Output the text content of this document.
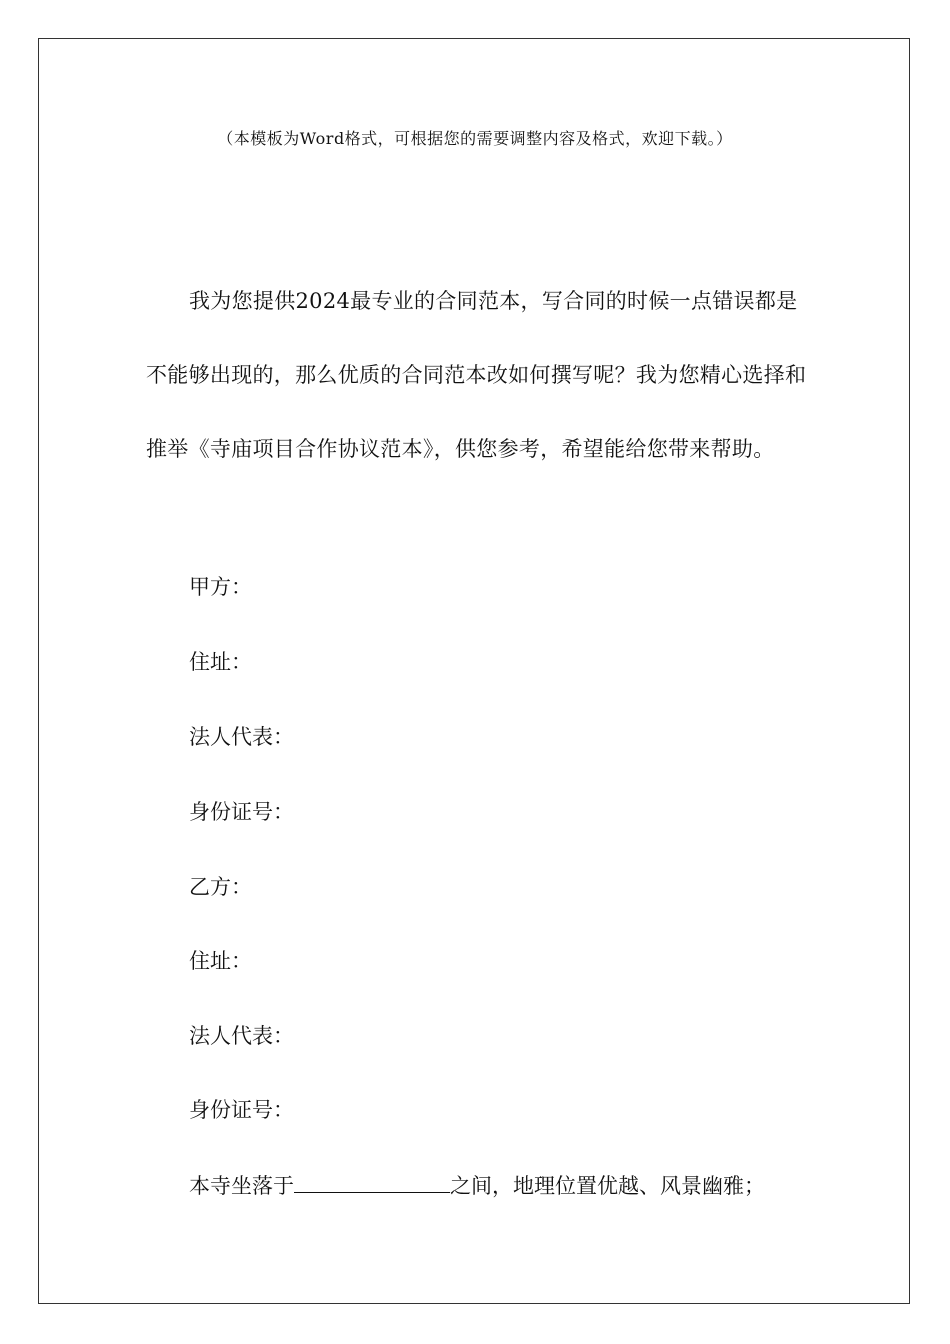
（本模板为Word格式，可根据您的需要调整内容及格式，欢迎下载。）

我为您提供2024最专业的合同范本，写合同的时候一点错误都是不能够出现的，那么优质的合同范本改如何撰写呢？我为您精心选择和推举《寺庙项目合作协议范本》，供您参考，希望能给您带来帮助。

甲方：

住址：

法人代表：

身份证号：

乙方：

住址：

法人代表：

身份证号：

本寺坐落于	之间，地理位置优越、风景幽雅；
